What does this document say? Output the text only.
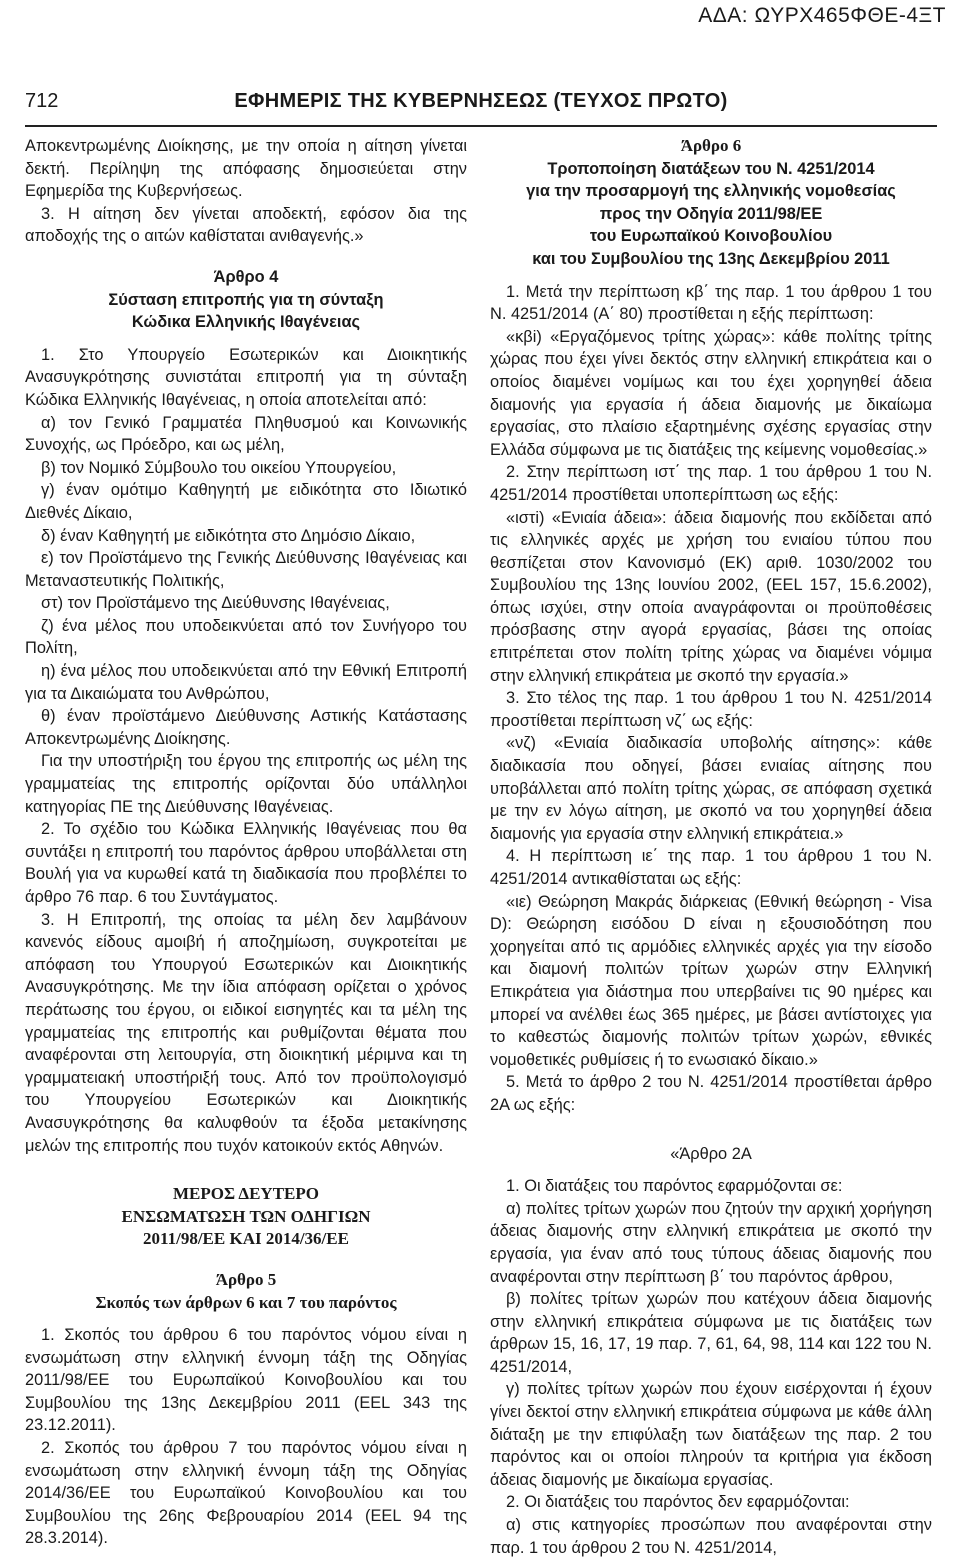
ΑΔΑ: ΩΥΡΧ465ΦΘΕ-4ΞΤ
712	ΕΦΗΜΕΡΙΣ ΤΗΣ ΚΥΒΕΡΝΗΣΕΩΣ (ΤΕΥΧΟΣ ΠΡΩΤΟ)

Αποκεντρωμένης Διοίκησης, με την οποία η αίτηση γίνεται δεκτή. Περίληψη της απόφασης δημοσιεύεται στην Εφημερίδα της Κυβερνήσεως.

3. Η αίτηση δεν γίνεται αποδεκτή, εφόσον δια της αποδοχής της ο αιτών καθίσταται ανιθαγενής.»

Άρθρο 4

Σύσταση επιτροπής για τη σύνταξη

Κώδικα Ελληνικής Ιθαγένειας

1. Στο Υπουργείο Εσωτερικών και Διοικητικής Ανασυγκρότησης συνιστάται επιτροπή για τη σύνταξη Κώδικα Ελληνικής Ιθαγένειας, η οποία αποτελείται από:

α) τον Γενικό Γραμματέα Πληθυσμού και Κοινωνικής Συνοχής, ως Πρόεδρο, και ως μέλη,

β) τον Νομικό Σύμβουλο του οικείου Υπουργείου,

γ) έναν ομότιμο Καθηγητή με ειδικότητα στο Ιδιωτικό Διεθνές Δίκαιο,

δ) έναν Καθηγητή με ειδικότητα στο Δημόσιο Δίκαιο,

ε) τον Προϊστάμενο της Γενικής Διεύθυνσης Ιθαγένειας και Μεταναστευτικής Πολιτικής,

στ) τον Προϊστάμενο της Διεύθυνσης Ιθαγένειας,

ζ) ένα μέλος που υποδεικνύεται από τον Συνήγορο του Πολίτη,

η) ένα μέλος που υποδεικνύεται από την Εθνική Επιτροπή για τα Δικαιώματα του Ανθρώπου,

θ) έναν προϊστάμενο Διεύθυνσης Αστικής Κατάστασης Αποκεντρωμένης Διοίκησης.

Για την υποστήριξη του έργου της επιτροπής ως μέλη της γραμματείας της επιτροπής ορίζονται δύο υπάλληλοι κατηγορίας ΠΕ της Διεύθυνσης Ιθαγένειας.

2. Το σχέδιο του Κώδικα Ελληνικής Ιθαγένειας που θα συντάξει η επιτροπή του παρόντος άρθρου υποβάλλεται στη Βουλή για να κυρωθεί κατά τη διαδικασία που προβλέπει το άρθρο 76 παρ. 6 του Συντάγματος.

3. Η Επιτροπή, της οποίας τα μέλη δεν λαμβάνουν κανενός είδους αμοιβή ή αποζημίωση, συγκροτείται με απόφαση του Υπουργού Εσωτερικών και Διοικητικής Ανασυγκρότησης. Με την ίδια απόφαση ορίζεται ο χρόνος περάτωσης του έργου, οι ειδικοί εισηγητές και τα μέλη της γραμματείας της επιτροπής και ρυθμίζονται θέματα που αναφέρονται στη λειτουργία, στη διοικητική μέριμνα και τη γραμματειακή υποστήριξή τους. Από τον προϋπολογισμό του Υπουργείου Εσωτερικών και Διοικητικής Ανασυγκρότησης θα καλυφθούν τα έξοδα μετακίνησης μελών της επιτροπής που τυχόν κατοικούν εκτός Αθηνών.

ΜΕΡΟΣ ΔΕΥΤΕΡΟ

ΕΝΣΩΜΑΤΩΣΗ ΤΩΝ ΟΔΗΓΙΩΝ

2011/98/ΕΕ ΚΑΙ 2014/36/ΕΕ

Άρθρο 5

Σκοπός των άρθρων 6 και 7 του παρόντος

1. Σκοπός του άρθρου 6 του παρόντος νόμου είναι η ενσωμάτωση στην ελληνική έννομη τάξη της Οδηγίας 2011/98/ΕΕ του Ευρωπαϊκού Κοινοβουλίου και του Συμβουλίου της 13ης Δεκεμβρίου 2011 (EEL 343 της 23.12.2011).

2. Σκοπός του άρθρου 7 του παρόντος νόμου είναι η ενσωμάτωση στην ελληνική έννομη τάξη της Οδηγίας 2014/36/ΕΕ του Ευρωπαϊκού Κοινοβουλίου και του Συμβουλίου της 26ης Φεβρουαρίου 2014 (EEL 94 της 28.3.2014).

Άρθρο 6

Τροποποίηση διατάξεων του Ν. 4251/2014

για την προσαρμογή της ελληνικής νομοθεσίας

προς την Οδηγία 2011/98/ΕΕ

του Ευρωπαϊκού Κοινοβουλίου

και του Συμβουλίου της 13ης Δεκεμβρίου 2011

1. Μετά την περίπτωση κβ΄ της παρ. 1 του άρθρου 1 του Ν. 4251/2014 (Α΄ 80) προστίθεται η εξής περίπτωση:

«κβi) «Εργαζόμενος τρίτης χώρας»: κάθε πολίτης τρίτης χώρας που έχει γίνει δεκτός στην ελληνική επικράτεια και ο οποίος διαμένει νομίμως και του έχει χορηγηθεί άδεια διαμονής για εργασία ή άδεια διαμονής με δικαίωμα εργασίας, στο πλαίσιο εξαρτημένης σχέσης εργασίας στην Ελλάδα σύμφωνα με τις διατάξεις της κείμενης νομοθεσίας.»

2. Στην περίπτωση ιστ΄ της παρ. 1 του άρθρου 1 του Ν. 4251/2014 προστίθεται υποπερίπτωση ως εξής:

«ιστi) «Ενιαία άδεια»: άδεια διαμονής που εκδίδεται από τις ελληνικές αρχές με χρήση του ενιαίου τύπου που θεσπίζεται στον Κανονισμό (ΕΚ) αριθ. 1030/2002 του Συμβουλίου της 13ης Ιουνίου 2002, (EEL 157, 15.6.2002), όπως ισχύει, στην οποία αναγράφονται οι προϋποθέσεις πρόσβασης στην αγορά εργασίας, βάσει της οποίας επιτρέπεται στον πολίτη τρίτης χώρας να διαμένει νόμιμα στην ελληνική επικράτεια με σκοπό την εργασία.»

3. Στο τέλος της παρ. 1 του άρθρου 1 του Ν. 4251/2014 προστίθεται περίπτωση νζ΄ ως εξής:

«νζ) «Ενιαία διαδικασία υποβολής αίτησης»: κάθε διαδικασία που οδηγεί, βάσει ενιαίας αίτησης που υποβάλλεται από πολίτη τρίτης χώρας, σε απόφαση σχετικά με την εν λόγω αίτηση, με σκοπό να του χορηγηθεί άδεια διαμονής για εργασία στην ελληνική επικράτεια.»

4. Η περίπτωση ιε΄ της παρ. 1 του άρθρου 1 του Ν. 4251/2014 αντικαθίσταται ως εξής:

«ιε) Θεώρηση Μακράς διάρκειας (Εθνική θεώρηση - Visa D): Θεώρηση εισόδου D είναι η εξουσιοδότηση που χορηγείται από τις αρμόδιες ελληνικές αρχές για την είσοδο και διαμονή πολιτών τρίτων χωρών στην Ελληνική Επικράτεια για διάστημα που υπερβαίνει τις 90 ημέρες και μπορεί να ανέλθει έως 365 ημέρες, με βάσει αντίστοιχες για το καθεστώς διαμονής πολιτών τρίτων χωρών, εθνικές νομοθετικές ρυθμίσεις ή το ενωσιακό δίκαιο.»

5. Μετά το άρθρο 2 του Ν. 4251/2014 προστίθεται άρθρο 2Α ως εξής:

«Άρθρο 2Α

1. Οι διατάξεις του παρόντος εφαρμόζονται σε:

α) πολίτες τρίτων χωρών που ζητούν την αρχική χορήγηση άδειας διαμονής στην ελληνική επικράτεια με σκοπό την εργασία, για έναν από τους τύπους άδειας διαμονής που αναφέρονται στην περίπτωση β΄ του παρόντος άρθρου,

β) πολίτες τρίτων χωρών που κατέχουν άδεια διαμονής στην ελληνική επικράτεια σύμφωνα με τις διατάξεις των άρθρων 15, 16, 17, 19 παρ. 7, 61, 64, 98, 114 και 122 του Ν. 4251/2014,

γ) πολίτες τρίτων χωρών που έχουν εισέρχονται ή έχουν γίνει δεκτοί στην ελληνική επικράτεια σύμφωνα με κάθε άλλη διάταξη με την επιφύλαξη των διατάξεων της παρ. 2 του παρόντος και οι οποίοι πληρούν τα κριτήρια για έκδοση άδειας διαμονής με δικαίωμα εργασίας.

2. Οι διατάξεις του παρόντος δεν εφαρμόζονται:

α) στις κατηγορίες προσώπων που αναφέρονται στην παρ. 1 του άρθρου 2 του Ν. 4251/2014,
